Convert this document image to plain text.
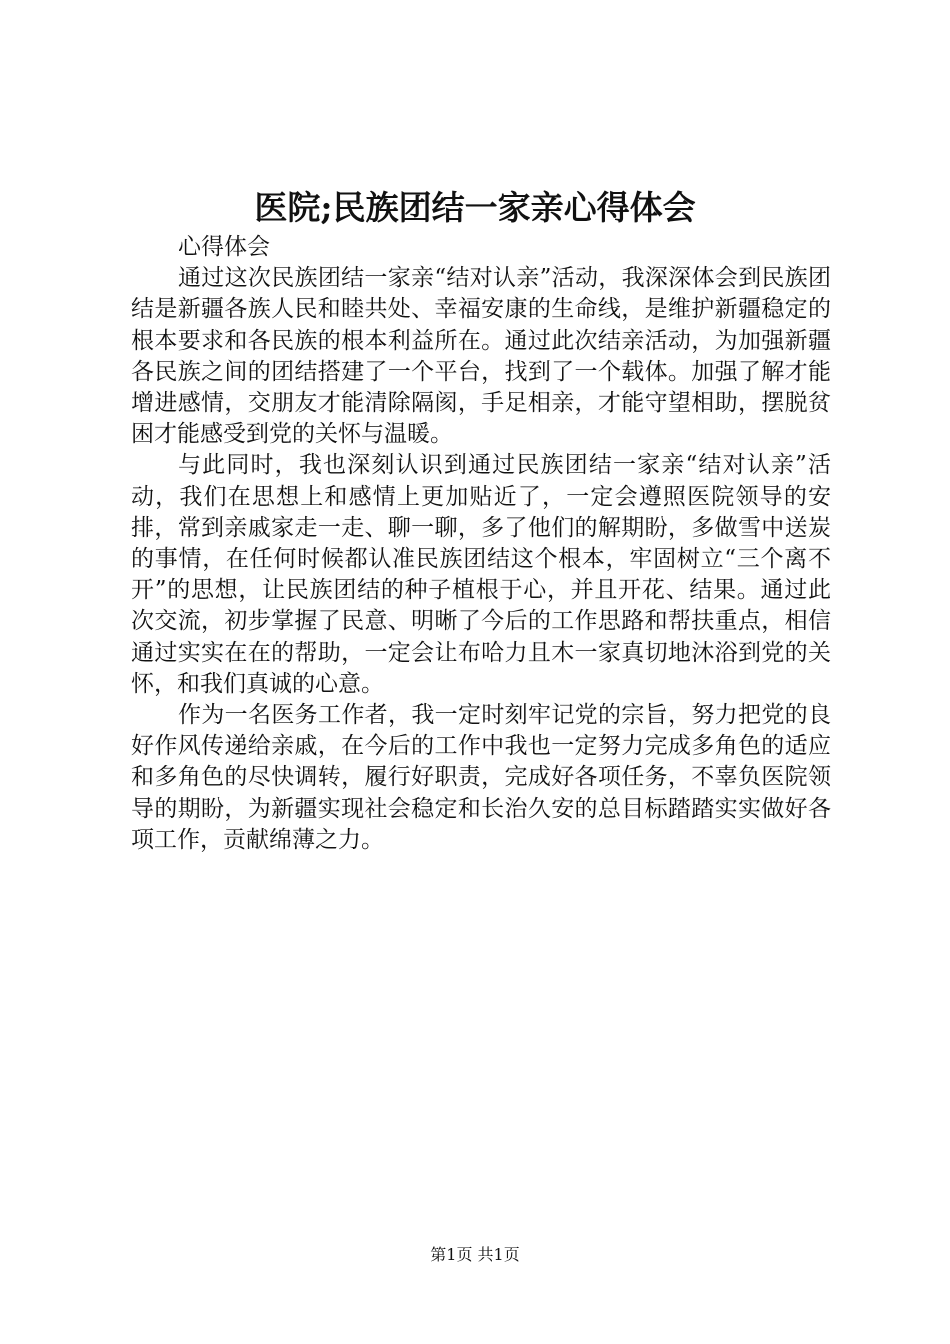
医院;民族团结一家亲心得体会

心得体会

通过这次民族团结一家亲“结对认亲”活动，我深深体会到民族团结是新疆各族人民和睦共处、幸福安康的生命线，是维护新疆稳定的根本要求和各民族的根本利益所在。通过此次结亲活动，为加强新疆各民族之间的团结搭建了一个平台，找到了一个载体。加强了解才能增进感情，交朋友才能清除隔阂，手足相亲，才能守望相助，摆脱贫困才能感受到党的关怀与温暖。

与此同时，我也深刻认识到通过民族团结一家亲“结对认亲”活动，我们在思想上和感情上更加贴近了，一定会遵照医院领导的安排，常到亲戚家走一走、聊一聊，多了他们的解期盼，多做雪中送炭的事情，在任何时候都认准民族团结这个根本，牢固树立“三个离不开”的思想，让民族团结的种子植根于心，并且开花、结果。通过此次交流，初步掌握了民意、明晰了今后的工作思路和帮扶重点，相信通过实实在在的帮助，一定会让布哈力且木一家真切地沐浴到党的关怀，和我们真诚的心意。

作为一名医务工作者，我一定时刻牢记党的宗旨，努力把党的良好作风传递给亲戚，在今后的工作中我也一定努力完成多角色的适应和多角色的尽快调转，履行好职责，完成好各项任务，不辜负医院领导的期盼，为新疆实现社会稳定和长治久安的总目标踏踏实实做好各项工作，贡献绵薄之力。

第1页 共1页
